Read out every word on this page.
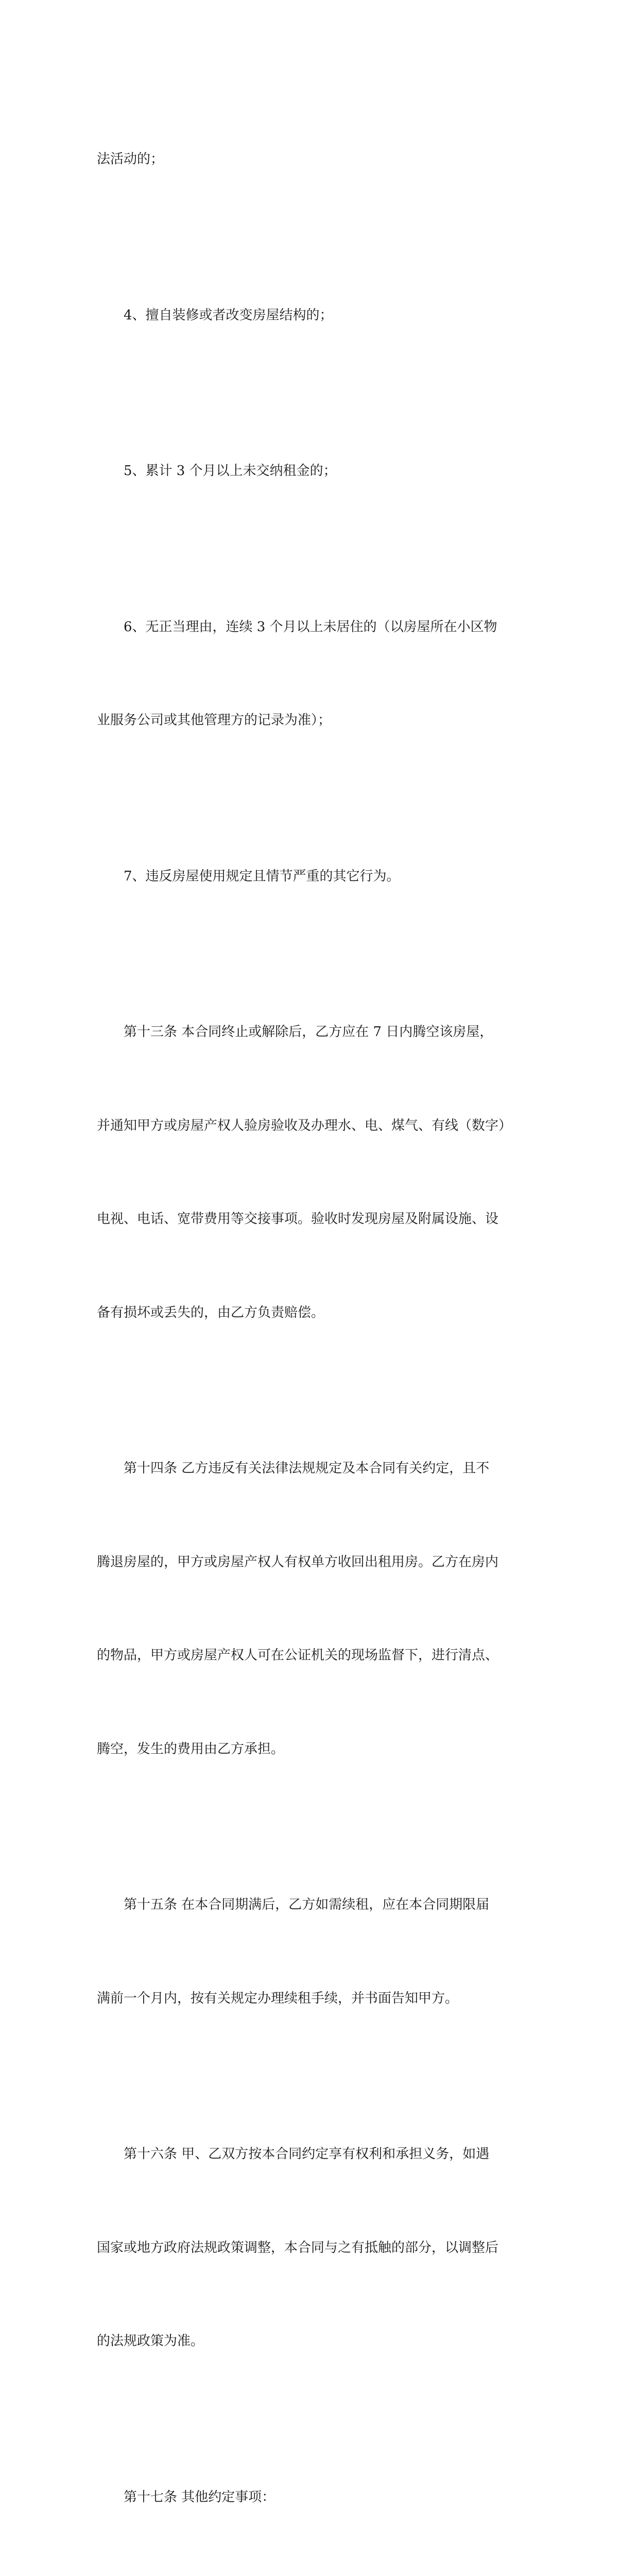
法活动的；

4、擅自装修或者改变房屋结构的；

5、累计 3 个月以上未交纳租金的；

6、无正当理由，连续 3 个月以上未居住的（以房屋所在小区物

业服务公司或其他管理方的记录为准）；

7、违反房屋使用规定且情节严重的其它行为。

第十三条 本合同终止或解除后，乙方应在 7 日内腾空该房屋，

并通知甲方或房屋产权人验房验收及办理水、电、煤气、有线（数字）

电视、电话、宽带费用等交接事项。验收时发现房屋及附属设施、设

备有损坏或丢失的，由乙方负责赔偿。

第十四条 乙方违反有关法律法规规定及本合同有关约定，且不

腾退房屋的，甲方或房屋产权人有权单方收回出租用房。乙方在房内

的物品，甲方或房屋产权人可在公证机关的现场监督下，进行清点、

腾空，发生的费用由乙方承担。

第十五条 在本合同期满后，乙方如需续租，应在本合同期限届

满前一个月内，按有关规定办理续租手续，并书面告知甲方。

第十六条 甲、乙双方按本合同约定享有权利和承担义务，如遇

国家或地方政府法规政策调整，本合同与之有抵触的部分，以调整后

的法规政策为准。

第十七条 其他约定事项：
